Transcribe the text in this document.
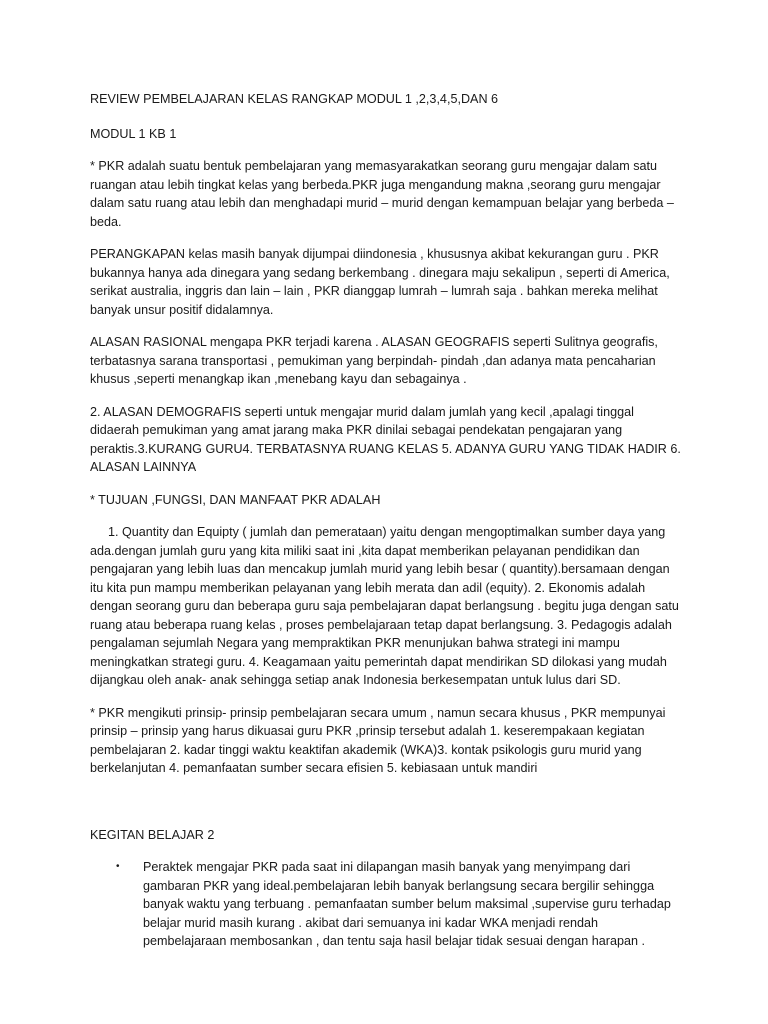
REVIEW PEMBELAJARAN KELAS RANGKAP MODUL 1 ,2,3,4,5,DAN 6

MODUL 1 KB 1

* PKR adalah suatu bentuk pembelajaran yang memasyarakatkan seorang guru mengajar dalam satu ruangan atau lebih tingkat kelas yang berbeda.PKR juga mengandung makna ,seorang guru mengajar dalam satu ruang atau lebih dan menghadapi murid – murid dengan kemampuan belajar yang berbeda – beda.

PERANGKAPAN kelas masih banyak dijumpai diindonesia , khususnya akibat kekurangan guru . PKR bukannya hanya ada dinegara yang sedang berkembang . dinegara maju sekalipun , seperti di America, serikat australia, inggris dan lain – lain , PKR dianggap lumrah – lumrah saja . bahkan mereka melihat banyak unsur positif didalamnya.

ALASAN RASIONAL mengapa PKR terjadi karena . ALASAN GEOGRAFIS seperti Sulitnya geografis, terbatasnya sarana transportasi , pemukiman yang berpindah- pindah ,dan adanya mata pencaharian khusus ,seperti menangkap ikan ,menebang kayu dan sebagainya .

2. ALASAN DEMOGRAFIS seperti untuk mengajar murid dalam jumlah yang kecil ,apalagi tinggal didaerah pemukiman yang amat jarang maka PKR dinilai sebagai pendekatan pengajaran yang peraktis.3.KURANG GURU4. TERBATASNYA RUANG KELAS 5. ADANYA GURU YANG TIDAK HADIR 6. ALASAN LAINNYA

* TUJUAN ,FUNGSI, DAN MANFAAT PKR ADALAH

1. Quantity dan Equipty ( jumlah dan pemerataan) yaitu dengan mengoptimalkan sumber daya yang ada.dengan jumlah guru yang kita miliki saat ini ,kita dapat memberikan pelayanan pendidikan dan pengajaran yang lebih luas dan mencakup jumlah murid yang lebih besar ( quantity).bersamaan dengan itu kita pun mampu memberikan pelayanan yang lebih merata dan adil (equity). 2. Ekonomis adalah dengan seorang guru dan beberapa guru saja pembelajaran dapat berlangsung . begitu juga dengan satu ruang atau beberapa ruang kelas , proses pembelajaraan tetap dapat berlangsung. 3. Pedagogis adalah pengalaman sejumlah Negara yang mempraktikan PKR menunjukan bahwa strategi ini mampu meningkatkan strategi guru. 4. Keagamaan yaitu pemerintah dapat mendirikan SD dilokasi yang mudah dijangkau oleh anak- anak sehingga setiap anak Indonesia berkesempatan untuk lulus dari SD.

* PKR mengikuti prinsip- prinsip pembelajaran secara umum , namun secara khusus , PKR mempunyai prinsip – prinsip yang harus dikuasai guru PKR ,prinsip tersebut adalah 1. keserempakaan kegiatan pembelajaran 2. kadar tinggi waktu keaktifan akademik (WKA)3. kontak psikologis guru murid yang berkelanjutan 4. pemanfaatan sumber secara efisien 5. kebiasaan untuk mandiri

KEGITAN BELAJAR 2

•	Peraktek mengajar PKR pada saat ini dilapangan masih banyak yang menyimpang dari gambaran PKR yang ideal.pembelajaran lebih banyak berlangsung secara bergilir sehingga banyak waktu yang terbuang . pemanfaatan sumber belum maksimal ,supervise guru terhadap belajar murid masih kurang . akibat dari semuanya ini kadar WKA menjadi rendah pembelajaraan membosankan , dan tentu saja hasil belajar tidak sesuai dengan harapan .
